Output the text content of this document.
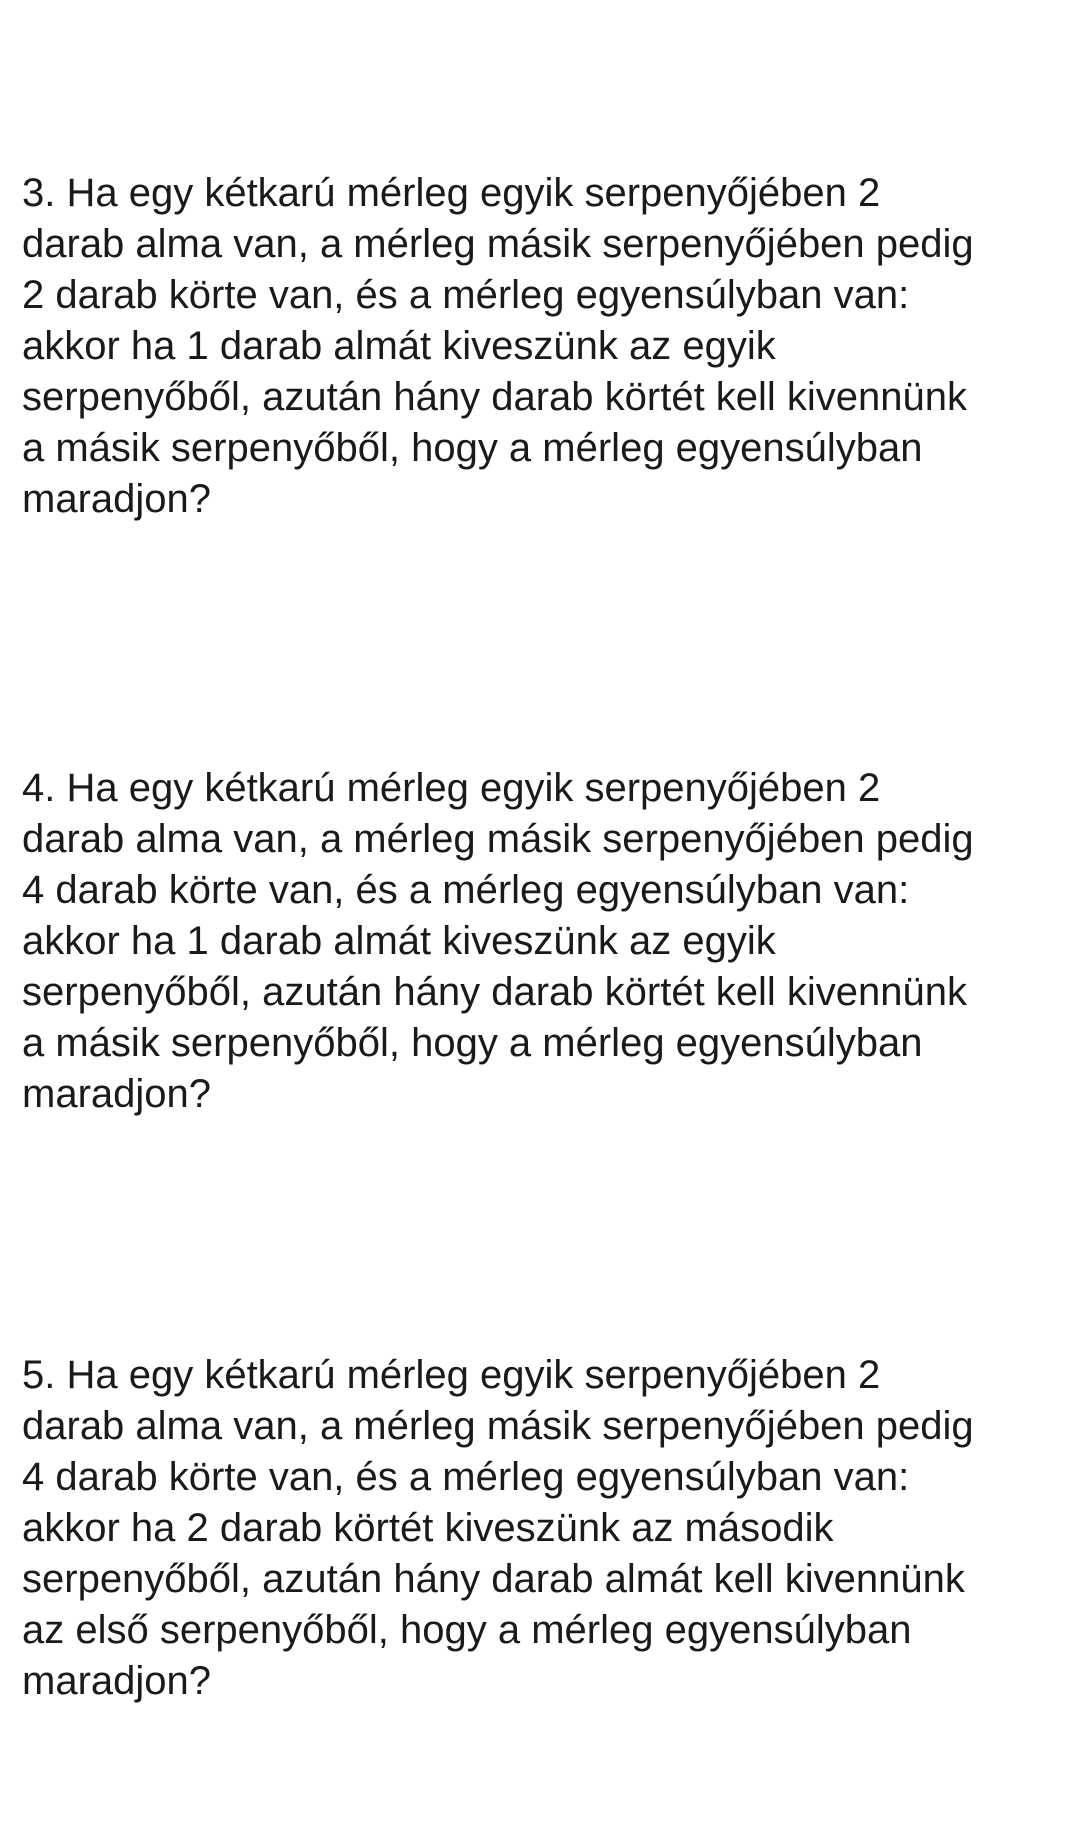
3. Ha egy kétkarú mérleg egyik serpenyőjében 2
darab alma van, a mérleg másik serpenyőjében pedig
2 darab körte van, és a mérleg egyensúlyban van:
akkor ha 1 darab almát kiveszünk az egyik
serpenyőből, azután hány darab körtét kell kivennünk
a másik serpenyőből, hogy a mérleg egyensúlyban
maradjon?

4. Ha egy kétkarú mérleg egyik serpenyőjében 2
darab alma van, a mérleg másik serpenyőjében pedig
4 darab körte van, és a mérleg egyensúlyban van:
akkor ha 1 darab almát kiveszünk az egyik
serpenyőből, azután hány darab körtét kell kivennünk
a másik serpenyőből, hogy a mérleg egyensúlyban
maradjon?

5. Ha egy kétkarú mérleg egyik serpenyőjében 2
darab alma van, a mérleg másik serpenyőjében pedig
4 darab körte van, és a mérleg egyensúlyban van:
akkor ha 2 darab körtét kiveszünk az második
serpenyőből, azután hány darab almát kell kivennünk
az első serpenyőből, hogy a mérleg egyensúlyban
maradjon?
